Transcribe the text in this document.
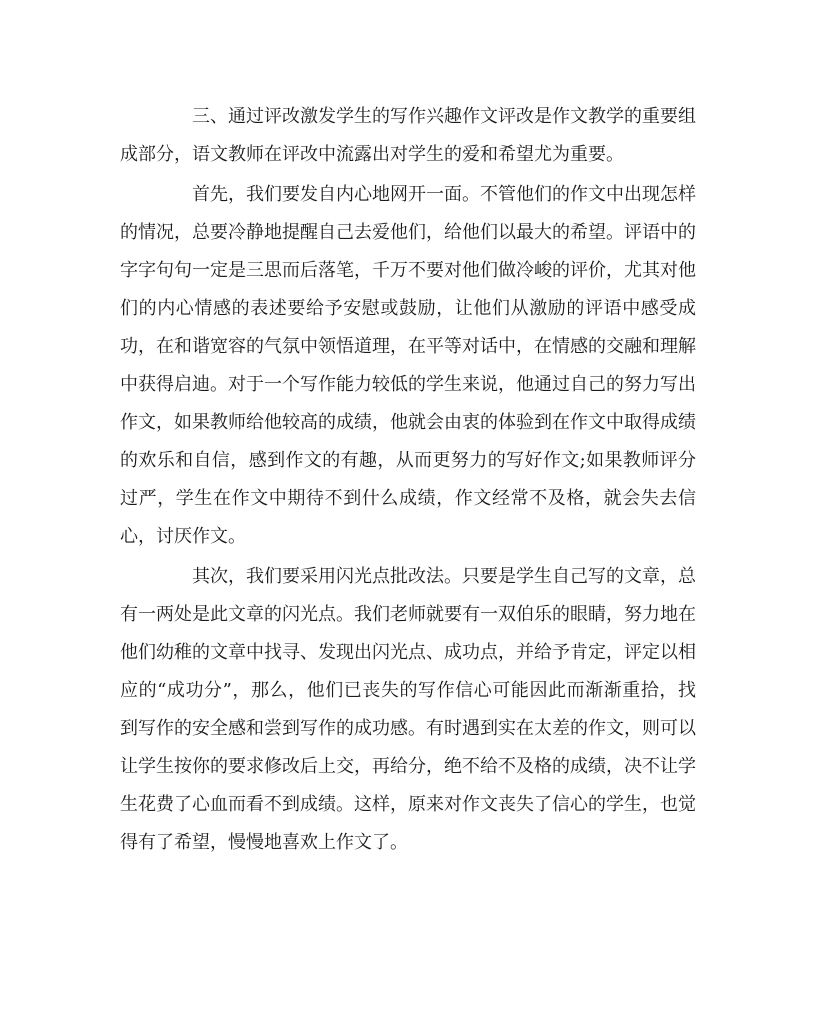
三、通过评改激发学生的写作兴趣作文评改是作文教学的重要组成部分，语文教师在评改中流露出对学生的爱和希望尤为重要。

首先，我们要发自内心地网开一面。不管他们的作文中出现怎样的情况，总要冷静地提醒自己去爱他们，给他们以最大的希望。评语中的字字句句一定是三思而后落笔，千万不要对他们做冷峻的评价，尤其对他们的内心情感的表述要给予安慰或鼓励，让他们从激励的评语中感受成功，在和谐宽容的气氛中领悟道理，在平等对话中，在情感的交融和理解中获得启迪。对于一个写作能力较低的学生来说，他通过自己的努力写出作文，如果教师给他较高的成绩，他就会由衷的体验到在作文中取得成绩的欢乐和自信，感到作文的有趣，从而更努力的写好作文;如果教师评分过严，学生在作文中期待不到什么成绩，作文经常不及格，就会失去信心，讨厌作文。

其次，我们要采用闪光点批改法。只要是学生自己写的文章，总有一两处是此文章的闪光点。我们老师就要有一双伯乐的眼睛，努力地在他们幼稚的文章中找寻、发现出闪光点、成功点，并给予肯定，评定以相应的“成功分”，那么，他们已丧失的写作信心可能因此而渐渐重拾，找到写作的安全感和尝到写作的成功感。有时遇到实在太差的作文，则可以让学生按你的要求修改后上交，再给分，绝不给不及格的成绩，决不让学生花费了心血而看不到成绩。这样，原来对作文丧失了信心的学生，也觉得有了希望，慢慢地喜欢上作文了。
